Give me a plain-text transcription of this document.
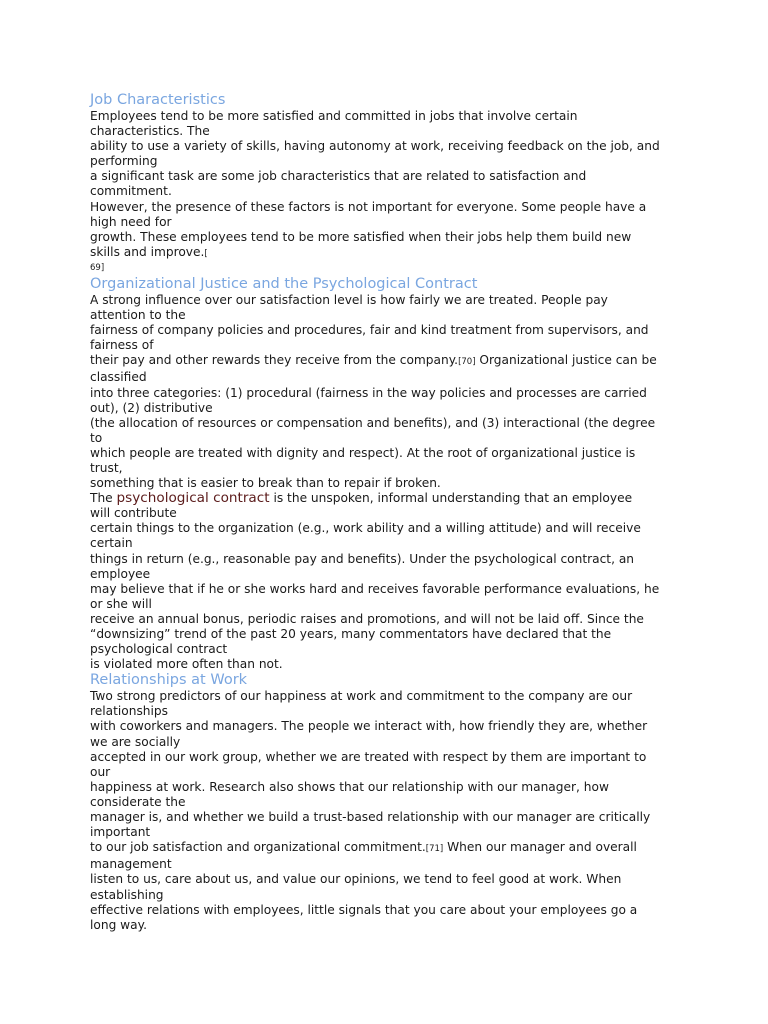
Job Characteristics
Employees tend to be more satisfied and committed in jobs that involve certain
characteristics. The
ability to use a variety of skills, having autonomy at work, receiving feedback on the job, and
performing
a significant task are some job characteristics that are related to satisfaction and
commitment.
However, the presence of these factors is not important for everyone. Some people have a
high need for
growth. These employees tend to be more satisfied when their jobs help them build new
skills and improve.[
69]
Organizational Justice and the Psychological Contract
A strong influence over our satisfaction level is how fairly we are treated. People pay
attention to the
fairness of company policies and procedures, fair and kind treatment from supervisors, and
fairness of
their pay and other rewards they receive from the company.[70] Organizational justice can be
classified
into three categories: (1) procedural (fairness in the way policies and processes are carried
out), (2) distributive
(the allocation of resources or compensation and benefits), and (3) interactional (the degree
to
which people are treated with dignity and respect). At the root of organizational justice is
trust,
something that is easier to break than to repair if broken.
The psychological contract is the unspoken, informal understanding that an employee
will contribute
certain things to the organization (e.g., work ability and a willing attitude) and will receive
certain
things in return (e.g., reasonable pay and benefits). Under the psychological contract, an
employee
may believe that if he or she works hard and receives favorable performance evaluations, he
or she will
receive an annual bonus, periodic raises and promotions, and will not be laid off. Since the
“downsizing” trend of the past 20 years, many commentators have declared that the
psychological contract
is violated more often than not.
Relationships at Work
Two strong predictors of our happiness at work and commitment to the company are our
relationships
with coworkers and managers. The people we interact with, how friendly they are, whether
we are socially
accepted in our work group, whether we are treated with respect by them are important to
our
happiness at work. Research also shows that our relationship with our manager, how
considerate the
manager is, and whether we build a trust-based relationship with our manager are critically
important
to our job satisfaction and organizational commitment.[71] When our manager and overall
management
listen to us, care about us, and value our opinions, we tend to feel good at work. When
establishing
effective relations with employees, little signals that you care about your employees go a
long way.
